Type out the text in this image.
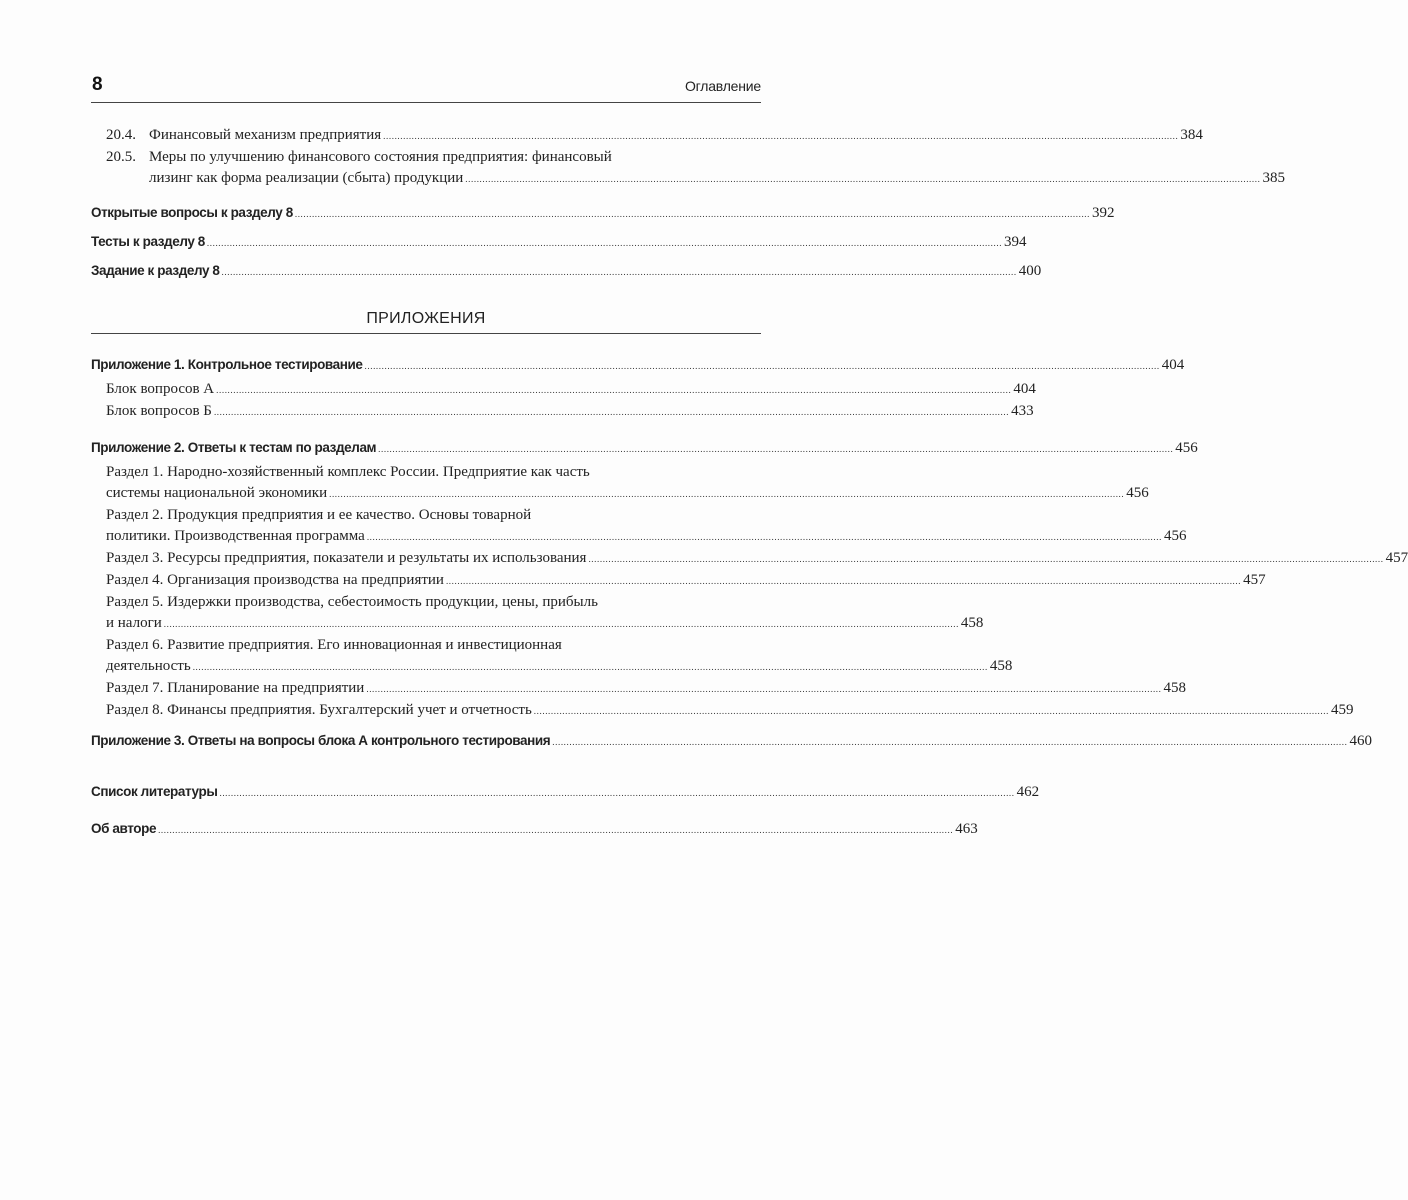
8	Оглавление
20.4. Финансовый механизм предприятия .....	384
20.5. Меры по улучшению финансового состояния предприятия: финансовый
лизинг как форма реализации (сбыта) продукции .....	385
Открытые вопросы к разделу 8 .....	392
Тесты к разделу 8 .....	394
Задание к разделу 8 .....	400
ПРИЛОЖЕНИЯ
Приложение 1. Контрольное тестирование .....	404
Блок вопросов А .....	404
Блок вопросов Б .....	433
Приложение 2. Ответы к тестам по разделам .....	456
Раздел 1. Народно-хозяйственный комплекс России. Предприятие как часть
системы национальной экономики .....	456
Раздел 2. Продукция предприятия и ее качество. Основы товарной
политики. Производственная программа .....	456
Раздел 3. Ресурсы предприятия, показатели и результаты их использования .....	457
Раздел 4. Организация производства на предприятии .....	457
Раздел 5. Издержки производства, себестоимость продукции, цены, прибыль
и налоги .....	458
Раздел 6. Развитие предприятия. Его инновационная и инвестиционная
деятельность .....	458
Раздел 7. Планирование на предприятии .....	458
Раздел 8. Финансы предприятия. Бухгалтерский учет и отчетность .....	459
Приложение 3. Ответы на вопросы блока А контрольного тестирования .....	460
Список литературы .....	462
Об авторе .....	463
